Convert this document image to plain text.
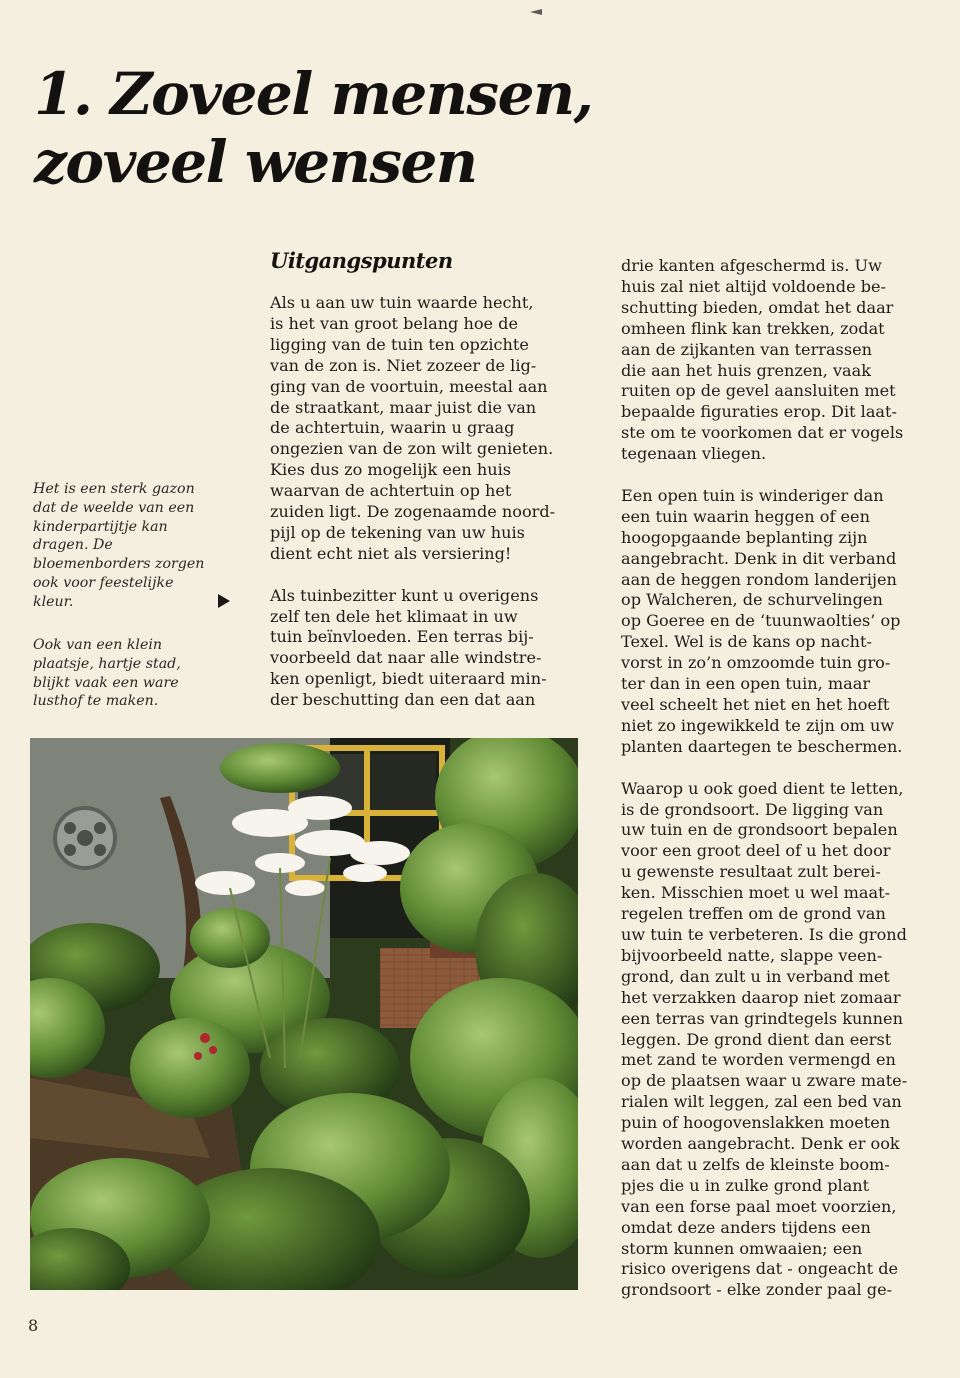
1. Zoveel mensen,
zoveel wensen
Het is een sterk gazon
dat de weelde van een
kinderpartijtje kan
dragen. De
bloemenborders zorgen
ook voor feestelijke
kleur.
Ook van een klein
plaatsje, hartje stad,
blijkt vaak een ware
lusthof te maken.
Uitgangspunten

Als u aan uw tuin waarde hecht,
is het van groot belang hoe de
ligging van de tuin ten opzichte
van de zon is. Niet zozeer de lig-
ging van de voortuin, meestal aan
de straatkant, maar juist die van
de achtertuin, waarin u graag
ongezien van de zon wilt genieten.
Kies dus zo mogelijk een huis
waarvan de achtertuin op het
zuiden ligt. De zogenaamde noord-
pijl op de tekening van uw huis
dient echt niet als versiering!

Als tuinbezitter kunt u overigens
zelf ten dele het klimaat in uw
tuin beïnvloeden. Een terras bij-
voorbeeld dat naar alle windstre-
ken openligt, biedt uiteraard min-
der beschutting dan een dat aan

drie kanten afgeschermd is. Uw
huis zal niet altijd voldoende be-
schutting bieden, omdat het daar
omheen flink kan trekken, zodat
aan de zijkanten van terrassen
die aan het huis grenzen, vaak
ruiten op de gevel aansluiten met
bepaalde figuraties erop. Dit laat-
ste om te voorkomen dat er vogels
tegenaan vliegen.

Een open tuin is winderiger dan
een tuin waarin heggen of een
hoogopgaande beplanting zijn
aangebracht. Denk in dit verband
aan de heggen rondom landerijen
op Walcheren, de schurvelingen
op Goeree en de ‘tuunwaolties’ op
Texel. Wel is de kans op nacht-
vorst in zo’n omzoomde tuin gro-
ter dan in een open tuin, maar
veel scheelt het niet en het hoeft
niet zo ingewikkeld te zijn om uw
planten daartegen te beschermen.

Waarop u ook goed dient te letten,
is de grondsoort. De ligging van
uw tuin en de grondsoort bepalen
voor een groot deel of u het door
u gewenste resultaat zult berei-
ken. Misschien moet u wel maat-
regelen treffen om de grond van
uw tuin te verbeteren. Is die grond
bijvoorbeeld natte, slappe veen-
grond, dan zult u in verband met
het verzakken daarop niet zomaar
een terras van grindtegels kunnen
leggen. De grond dient dan eerst
met zand te worden vermengd en
op de plaatsen waar u zware mate-
rialen wilt leggen, zal een bed van
puin of hoogovenslakken moeten
worden aangebracht. Denk er ook
aan dat u zelfs de kleinste boom-
pjes die u in zulke grond plant
van een forse paal moet voorzien,
omdat deze anders tijdens een
storm kunnen omwaaien; een
risico overigens dat - ongeacht de
grondsoort - elke zonder paal ge-

8
